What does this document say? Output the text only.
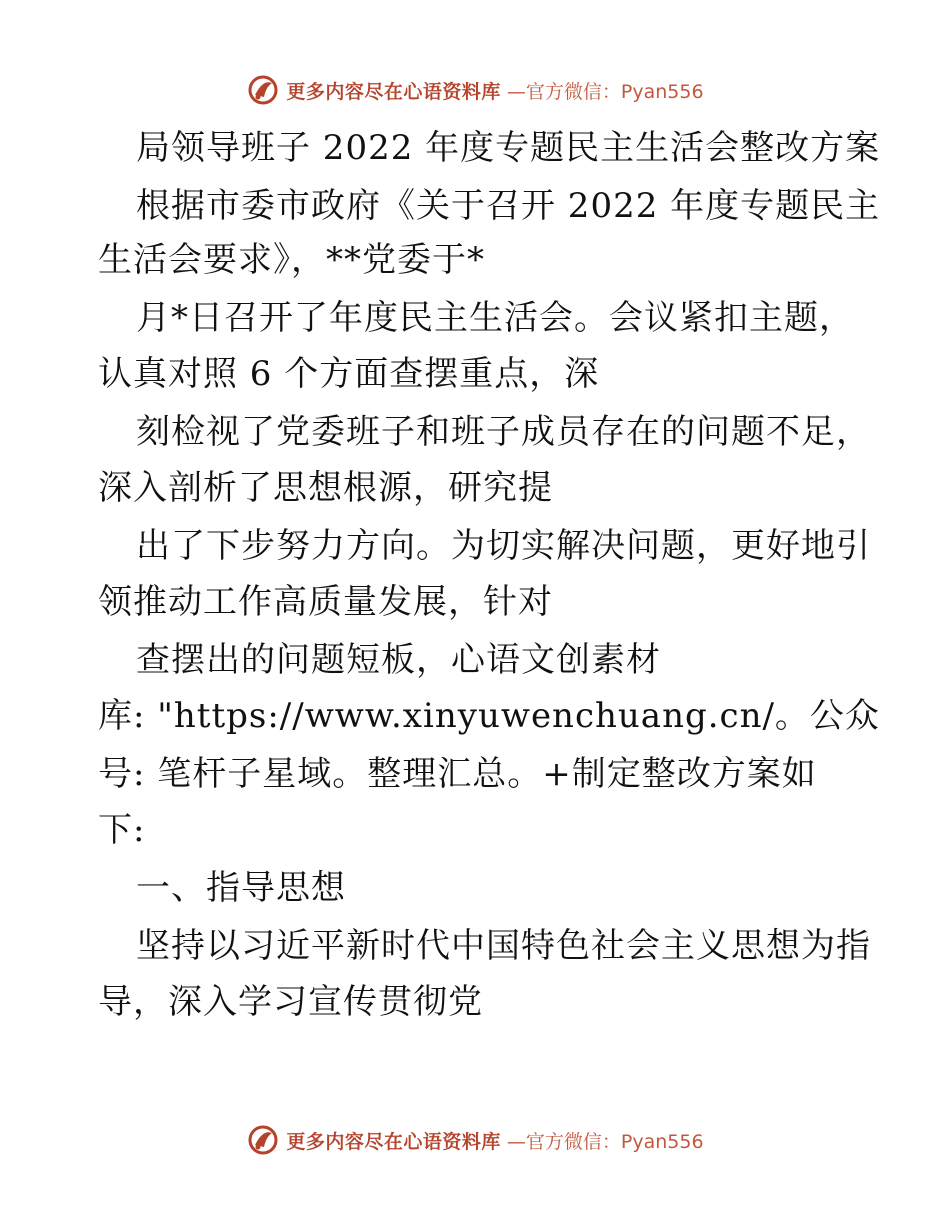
更多内容尽在心语资料库 —官方微信：Pyan556
局领导班子 2022 年度专题民主生活会整改方案
根据市委市政府《关于召开 2022 年度专题民主
生活会要求》，**党委于*
月*日召开了年度民主生活会。会议紧扣主题，
认真对照 6 个方面查摆重点，深
刻检视了党委班子和班子成员存在的问题不足，
深入剖析了思想根源，研究提
出了下步努力方向。为切实解决问题，更好地引
领推动工作高质量发展，针对
查摆出的问题短板，心语文创素材
库: "https://www.xinyuwenchuang.cn/。公众
号: 笔杆子星域。整理汇总。+制定整改方案如
下:
一、指导思想
坚持以习近平新时代中国特色社会主义思想为指
导，深入学习宣传贯彻党
更多内容尽在心语资料库 —官方微信：Pyan556
